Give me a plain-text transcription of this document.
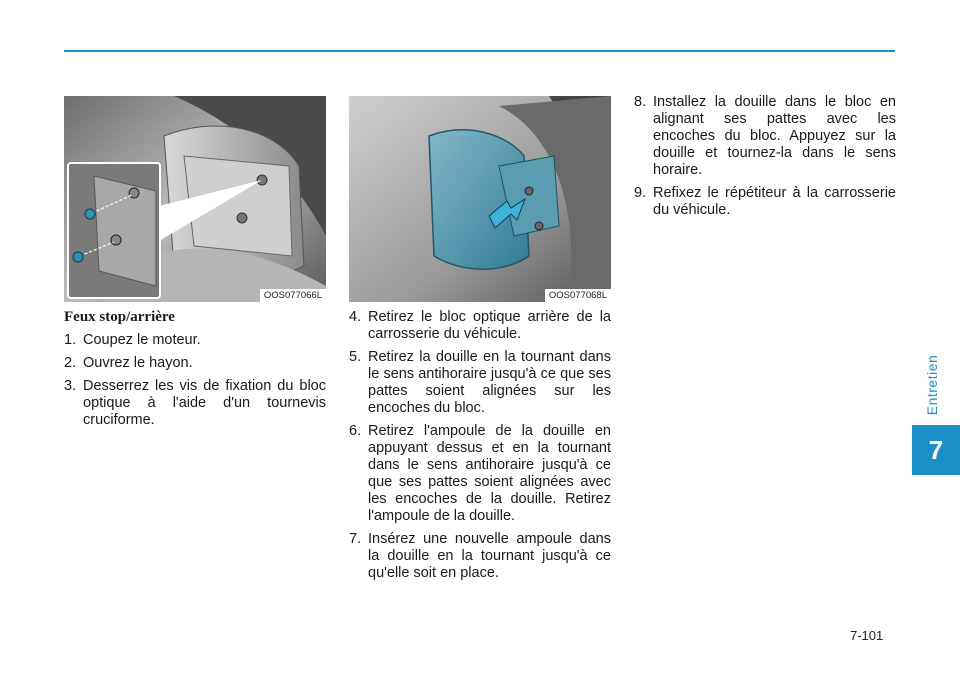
OOS077066L	OOS077068L
Feux stop/arrière
1. Coupez le moteur.
2. Ouvrez le hayon.
3. Desserrez les vis de fixation du bloc optique à l'aide d'un tournevis cruciforme.
4. Retirez le bloc optique arrière de la carrosserie du véhicule.
5. Retirez la douille en la tournant dans le sens antihoraire jusqu'à ce que ses pattes soient alignées sur les encoches du bloc.
6. Retirez l'ampoule de la douille en appuyant dessus et en la tournant dans le sens antihoraire jusqu'à ce que ses pattes soient alignées avec les encoches de la douille. Retirez l'ampoule de la douille.
7. Insérez une nouvelle ampoule dans la douille en la tournant jusqu'à ce qu'elle soit en place.
8. Installez la douille dans le bloc en alignant ses pattes avec les encoches du bloc. Appuyez sur la douille et tournez-la dans le sens horaire.
9. Refixez le répétiteur à la carrosserie du véhicule.
Entretien
7
7-101
